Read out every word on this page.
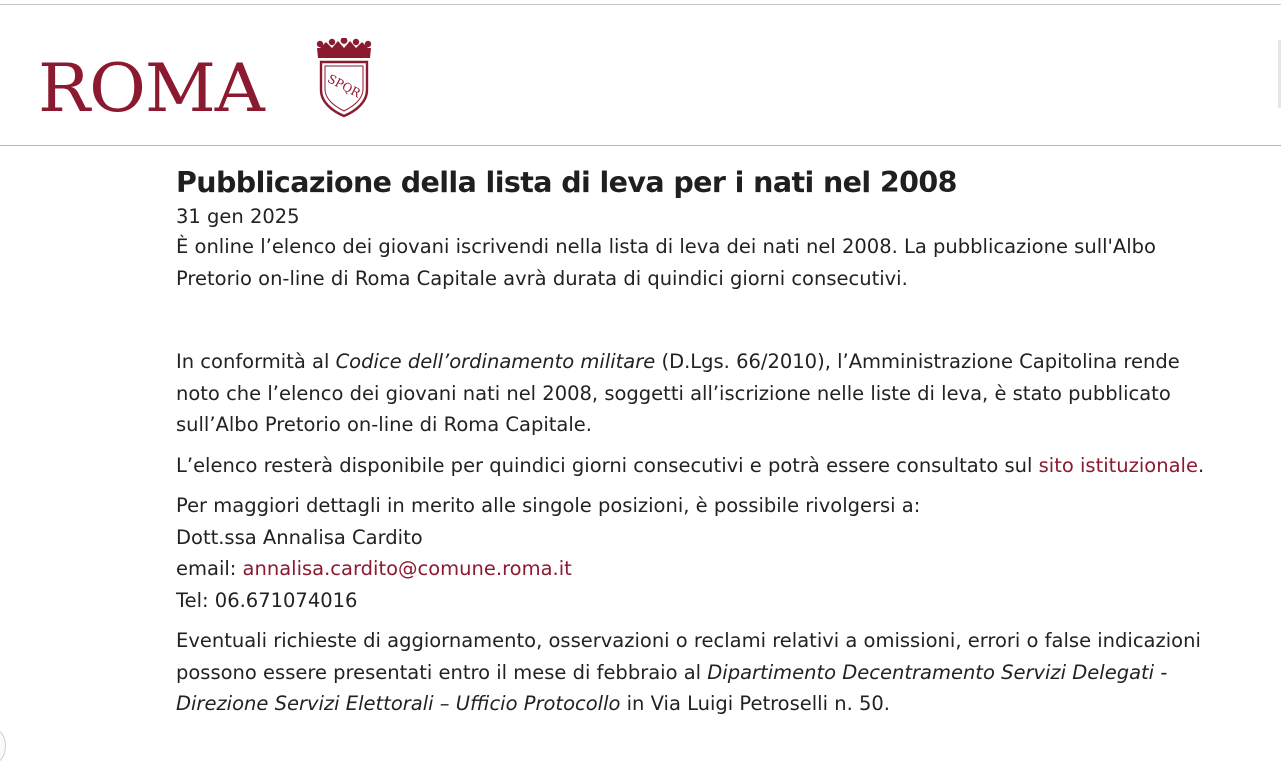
ROMA	SPQR
Pubblicazione della lista di leva per i nati nel 2008

31 gen 2025

È online l’elenco dei giovani iscrivendi nella lista di leva dei nati nel 2008. La pubblicazione sull'Albo Pretorio on-line di Roma Capitale avrà durata di quindici giorni consecutivi.

In conformità al Codice dell’ordinamento militare (D.Lgs. 66/2010), l’Amministrazione Capitolina rende noto che l’elenco dei giovani nati nel 2008, soggetti all’iscrizione nelle liste di leva, è stato pubblicato sull’Albo Pretorio on-line di Roma Capitale.

L’elenco resterà disponibile per quindici giorni consecutivi e potrà essere consultato sul sito istituzionale.

Per maggiori dettagli in merito alle singole posizioni, è possibile rivolgersi a:

Dott.ssa Annalisa Cardito

email: annalisa.cardito@comune.roma.it

Tel: 06.671074016

Eventuali richieste di aggiornamento, osservazioni o reclami relativi a omissioni, errori o false indicazioni possono essere presentati entro il mese di febbraio al Dipartimento Decentramento Servizi Delegati - Direzione Servizi Elettorali – Ufficio Protocollo in Via Luigi Petroselli n. 50.
